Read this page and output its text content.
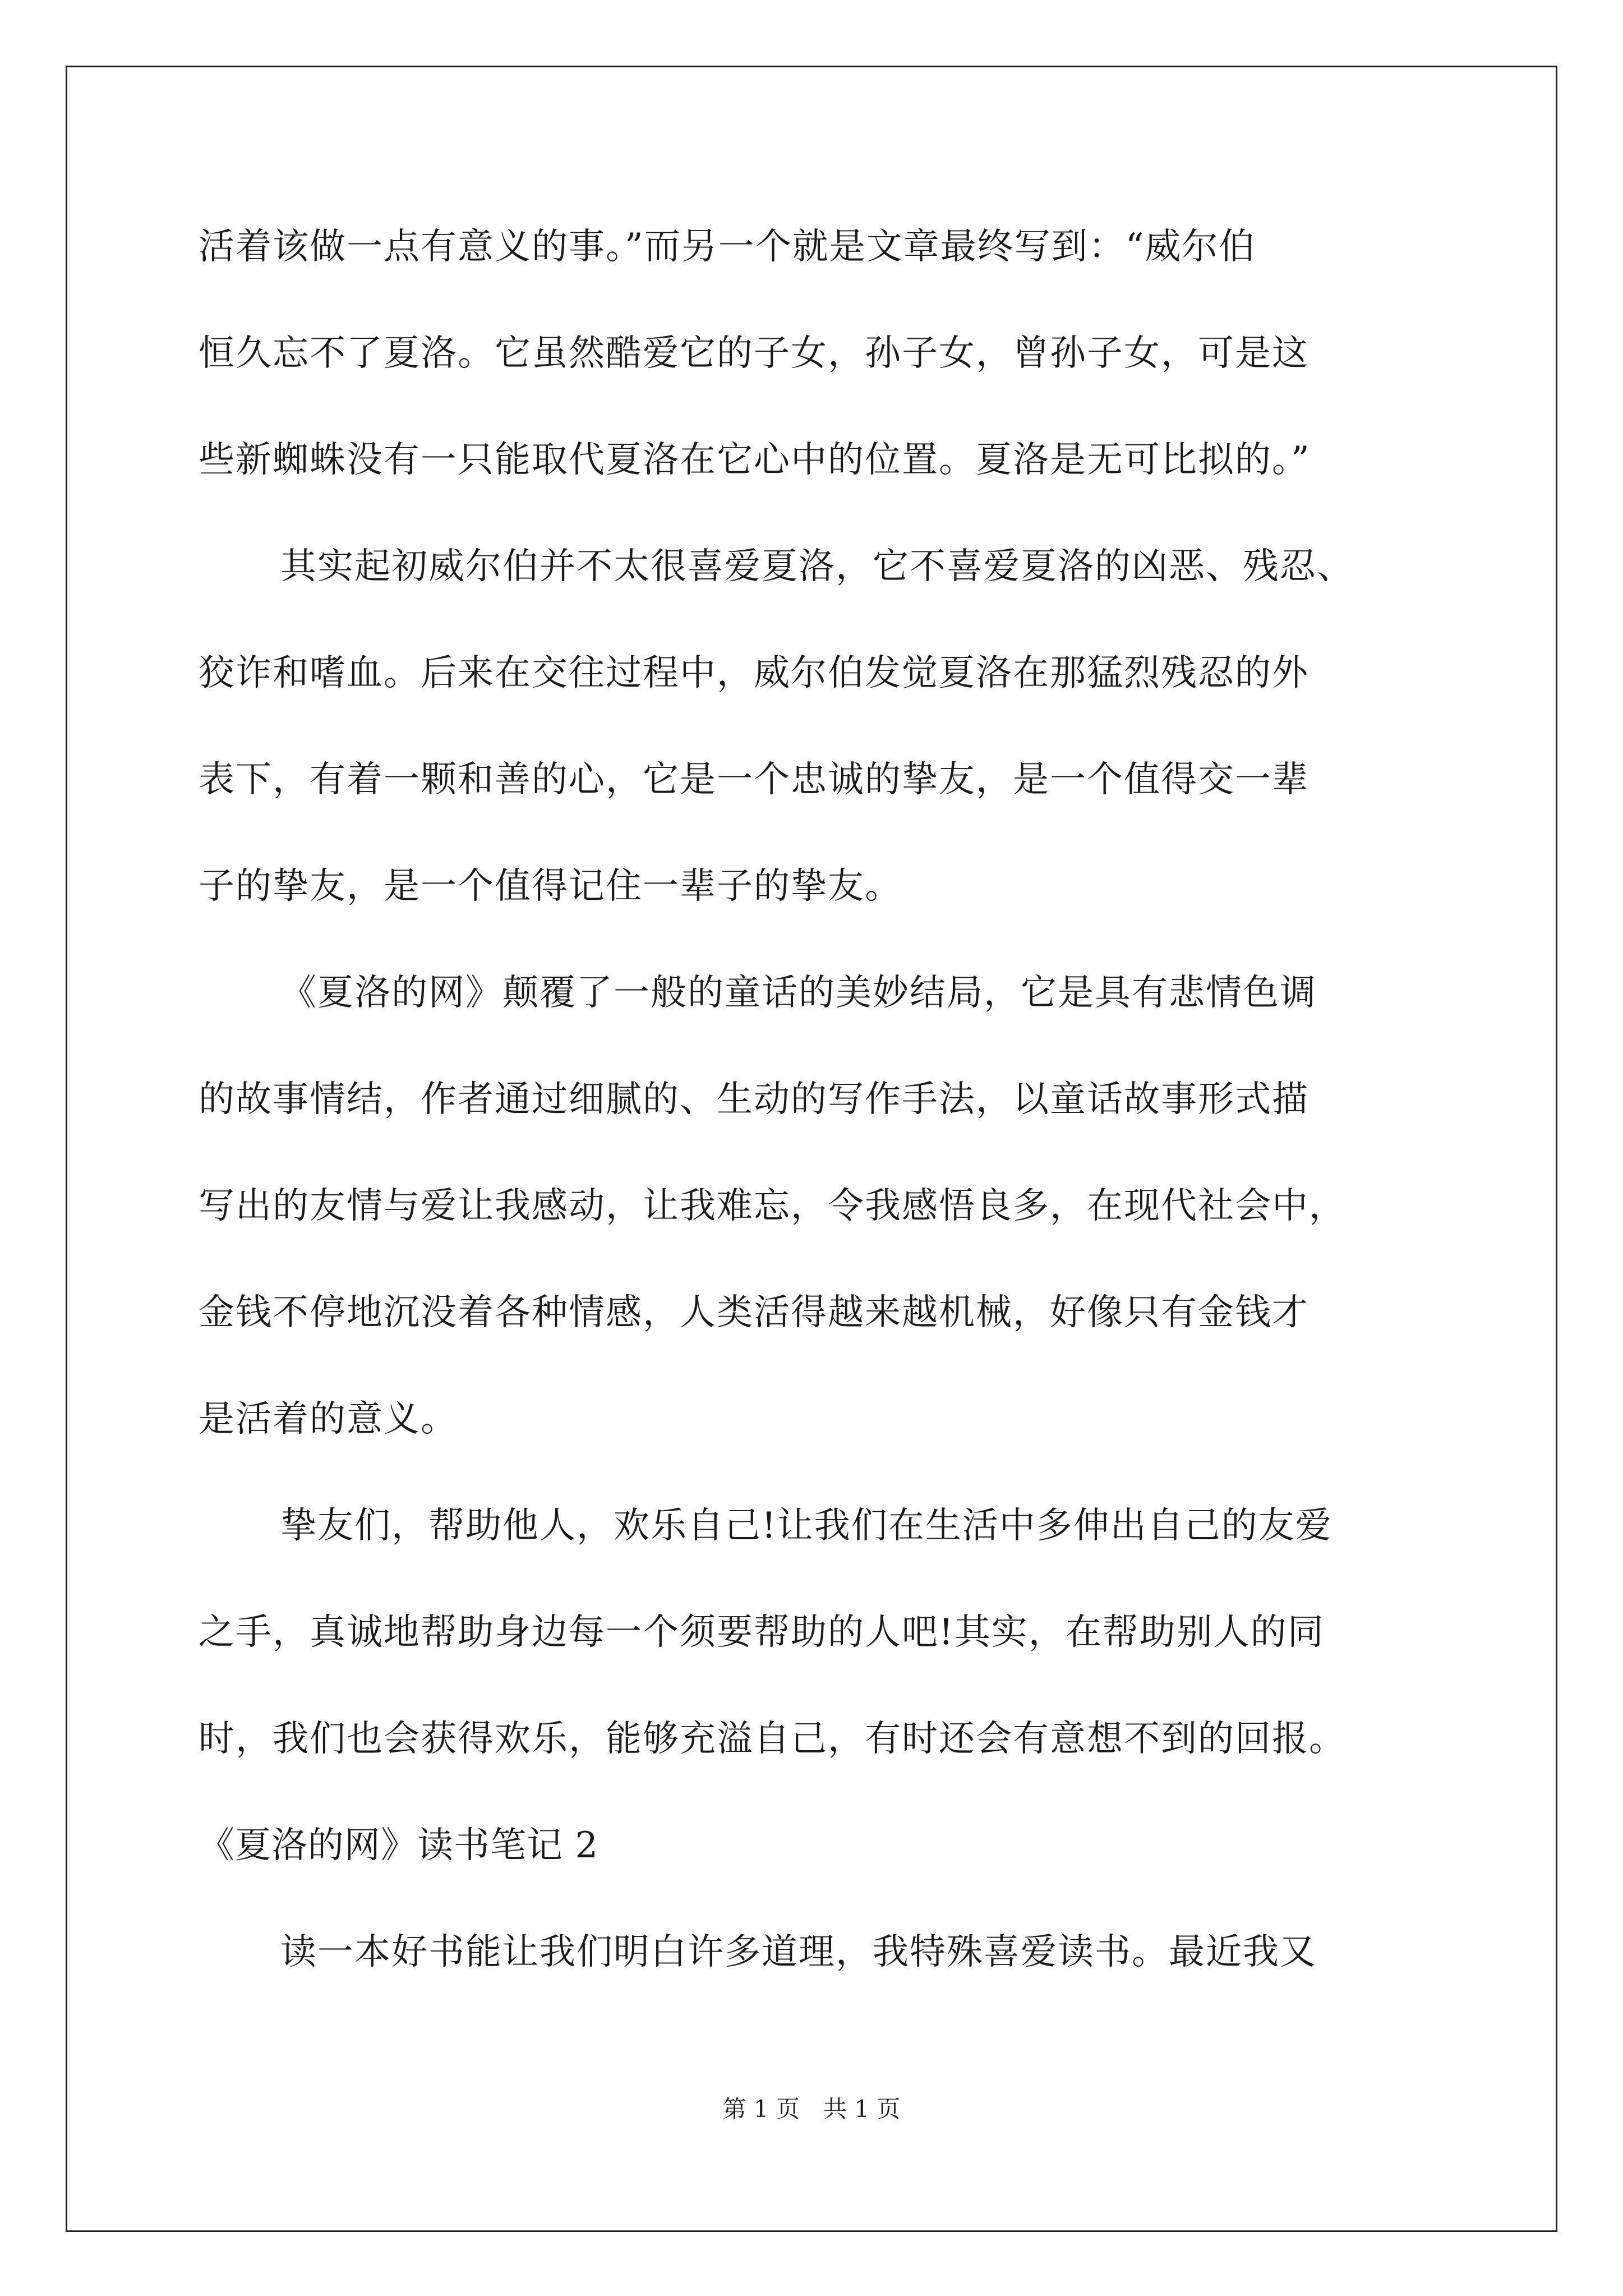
活着该做一点有意义的事。”而另一个就是文章最终写到：“威尔伯
恒久忘不了夏洛。它虽然酷爱它的子女，孙子女，曾孙子女，可是这
些新蜘蛛没有一只能取代夏洛在它心中的位置。夏洛是无可比拟的。”
其实起初威尔伯并不太很喜爱夏洛，它不喜爱夏洛的凶恶、残忍、
狡诈和嗜血。后来在交往过程中，威尔伯发觉夏洛在那猛烈残忍的外
表下，有着一颗和善的心，它是一个忠诚的挚友，是一个值得交一辈
子的挚友，是一个值得记住一辈子的挚友。
《夏洛的网》颠覆了一般的童话的美妙结局，它是具有悲情色调
的故事情结，作者通过细腻的、生动的写作手法，以童话故事形式描
写出的友情与爱让我感动，让我难忘，令我感悟良多，在现代社会中，
金钱不停地沉没着各种情感，人类活得越来越机械，好像只有金钱才
是活着的意义。
挚友们，帮助他人，欢乐自己!让我们在生活中多伸出自己的友爱
之手，真诚地帮助身边每一个须要帮助的人吧!其实，在帮助别人的同
时，我们也会获得欢乐，能够充溢自己，有时还会有意想不到的回报。
《夏洛的网》读书笔记 2
读一本好书能让我们明白许多道理，我特殊喜爱读书。最近我又
第 1 页　共 1 页
